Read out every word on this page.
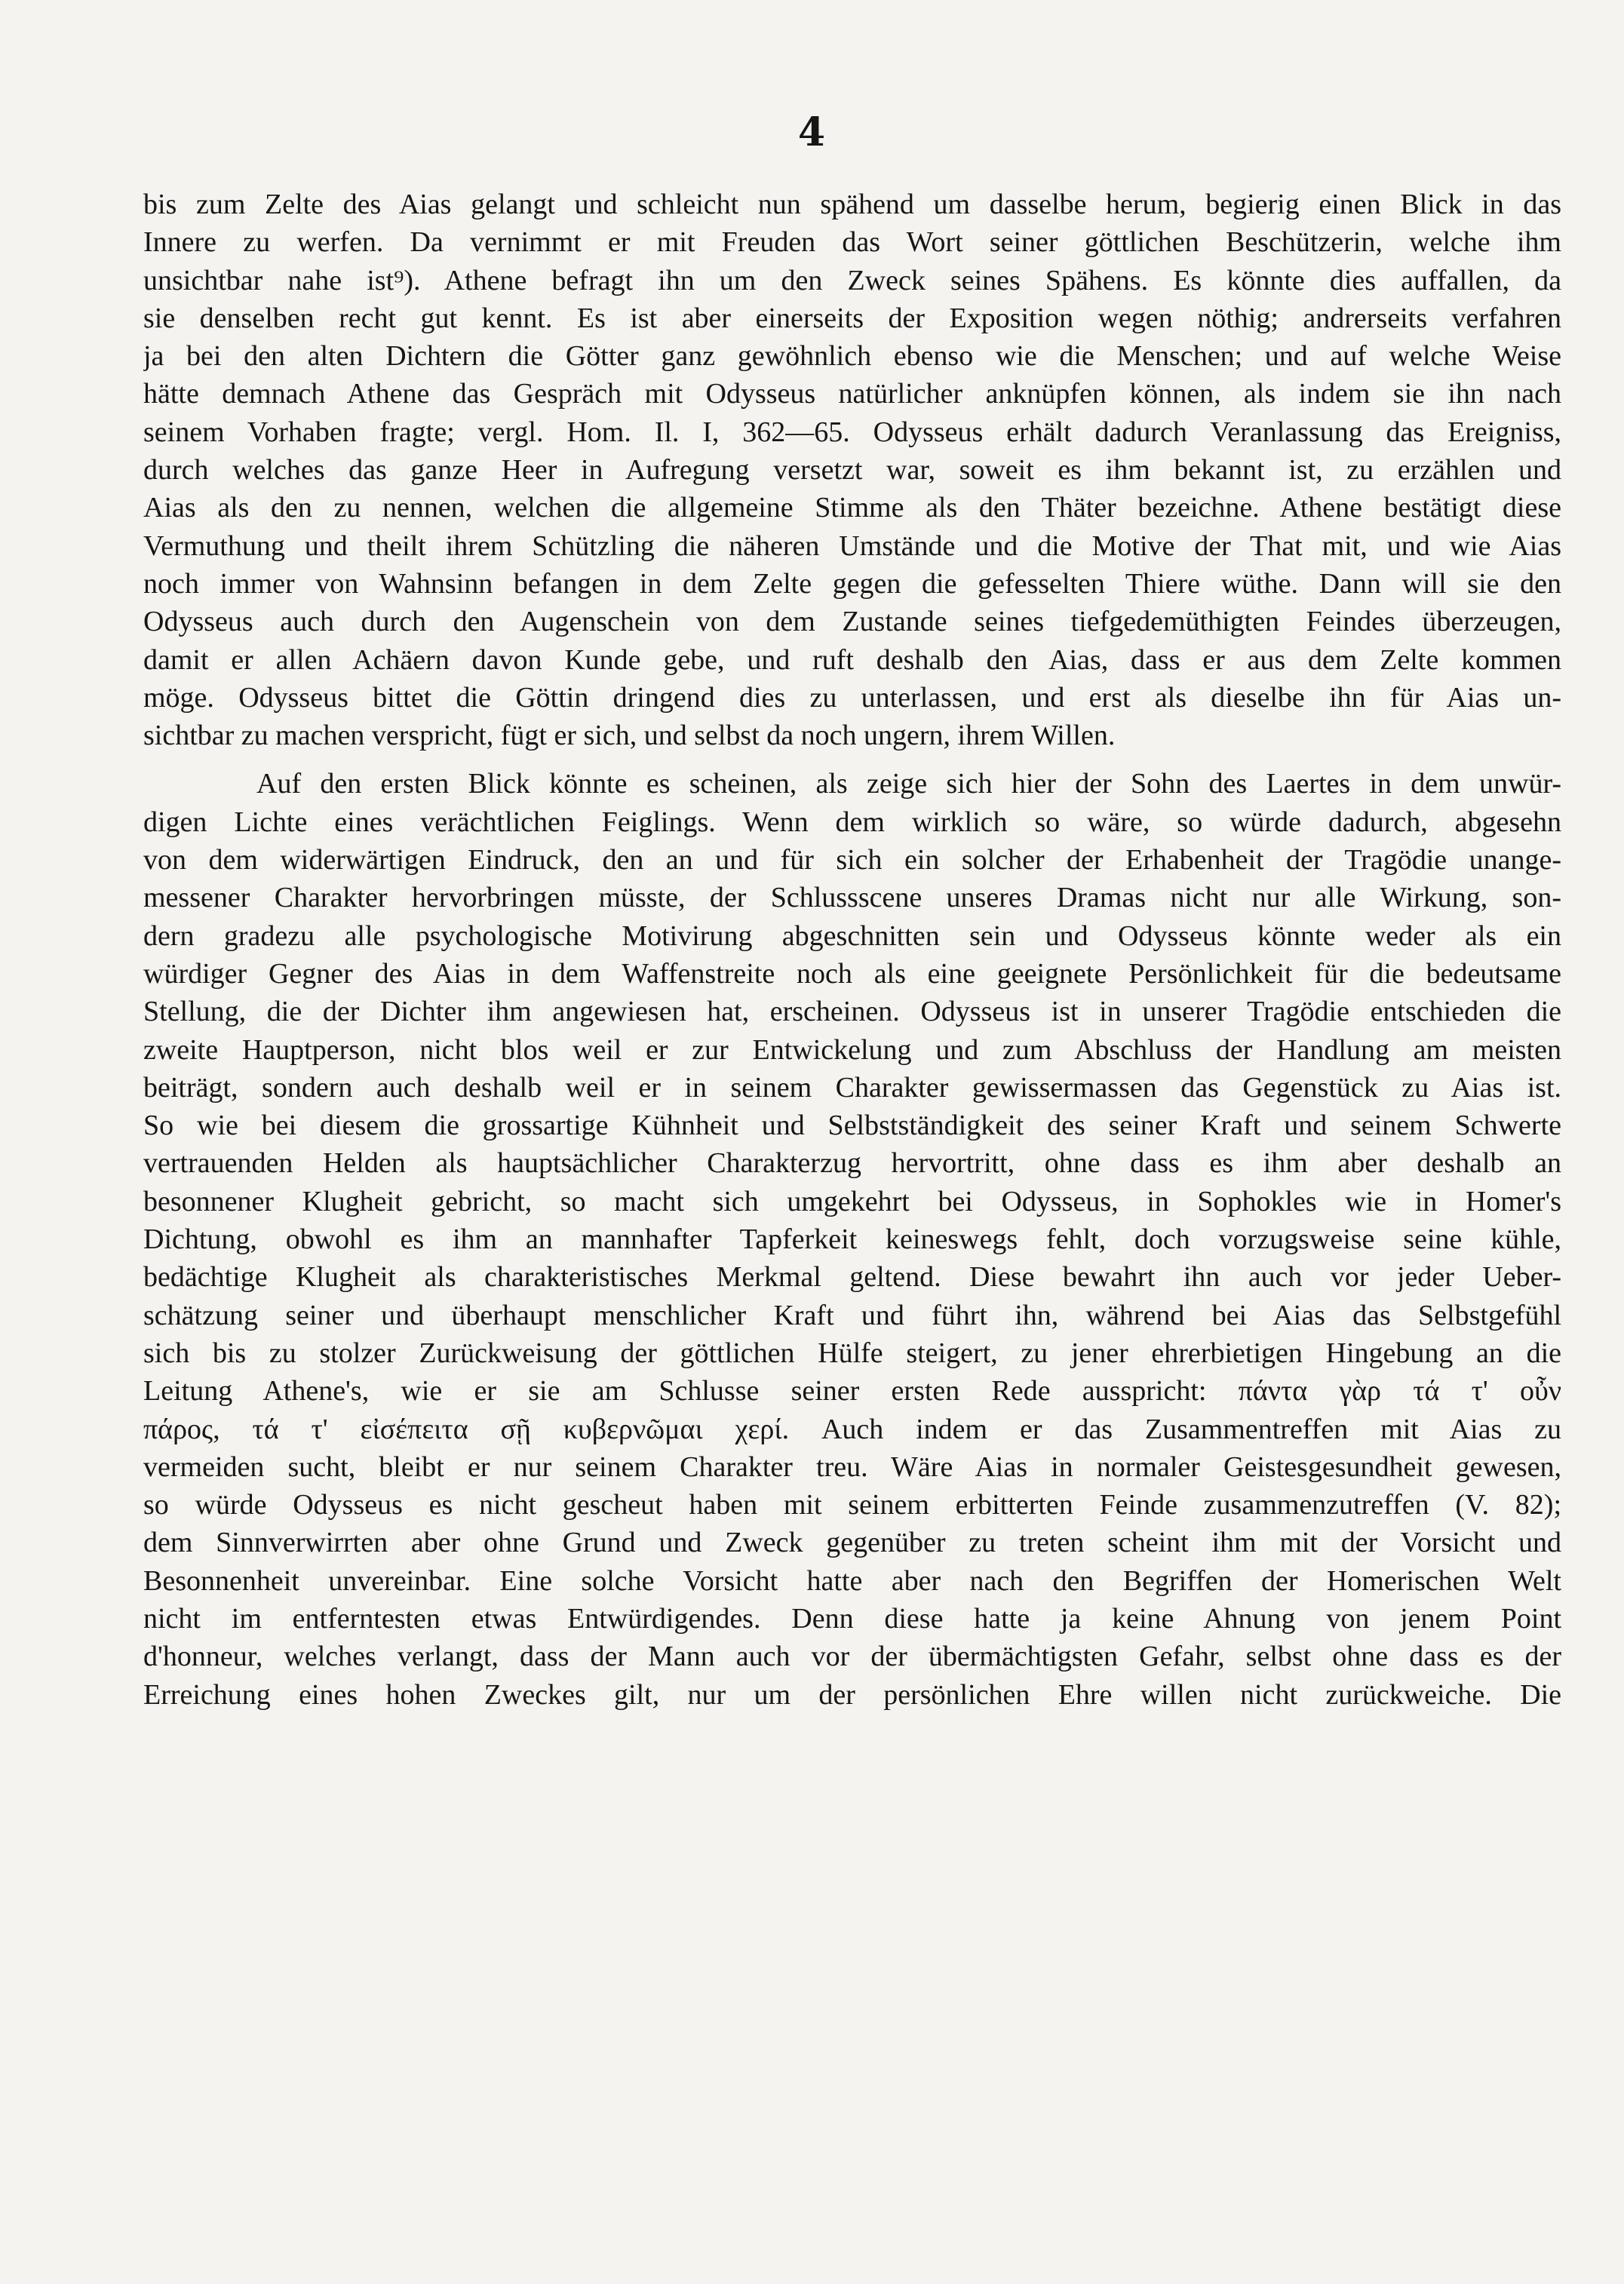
4
bis zum Zelte des Aias gelangt und schleicht nun spähend um dasselbe herum, begierig einen Blick in das
Innere zu werfen. Da vernimmt er mit Freuden das Wort seiner göttlichen Beschützerin, welche ihm
unsichtbar nahe ist⁹). Athene befragt ihn um den Zweck seines Spähens. Es könnte dies auffallen, da
sie denselben recht gut kennt. Es ist aber einerseits der Exposition wegen nöthig; andrerseits verfahren
ja bei den alten Dichtern die Götter ganz gewöhnlich ebenso wie die Menschen; und auf welche Weise
hätte demnach Athene das Gespräch mit Odysseus natürlicher anknüpfen können, als indem sie ihn nach
seinem Vorhaben fragte; vergl. Hom. Il. I, 362—65. Odysseus erhält dadurch Veranlassung das Ereigniss,
durch welches das ganze Heer in Aufregung versetzt war, soweit es ihm bekannt ist, zu erzählen und
Aias als den zu nennen, welchen die allgemeine Stimme als den Thäter bezeichne. Athene bestätigt diese
Vermuthung und theilt ihrem Schützling die näheren Umstände und die Motive der That mit, und wie Aias
noch immer von Wahnsinn befangen in dem Zelte gegen die gefesselten Thiere wüthe. Dann will sie den
Odysseus auch durch den Augenschein von dem Zustande seines tiefgedemüthigten Feindes überzeugen,
damit er allen Achäern davon Kunde gebe, und ruft deshalb den Aias, dass er aus dem Zelte kommen
möge. Odysseus bittet die Göttin dringend dies zu unterlassen, und erst als dieselbe ihn für Aias un-
sichtbar zu machen verspricht, fügt er sich, und selbst da noch ungern, ihrem Willen.
Auf den ersten Blick könnte es scheinen, als zeige sich hier der Sohn des Laertes in dem unwür-
digen Lichte eines verächtlichen Feiglings. Wenn dem wirklich so wäre, so würde dadurch, abgesehn
von dem widerwärtigen Eindruck, den an und für sich ein solcher der Erhabenheit der Tragödie unange-
messener Charakter hervorbringen müsste, der Schlussscene unseres Dramas nicht nur alle Wirkung, son-
dern gradezu alle psychologische Motivirung abgeschnitten sein und Odysseus könnte weder als ein
würdiger Gegner des Aias in dem Waffenstreite noch als eine geeignete Persönlichkeit für die bedeutsame
Stellung, die der Dichter ihm angewiesen hat, erscheinen. Odysseus ist in unserer Tragödie entschieden die
zweite Hauptperson, nicht blos weil er zur Entwickelung und zum Abschluss der Handlung am meisten
beiträgt, sondern auch deshalb weil er in seinem Charakter gewissermassen das Gegenstück zu Aias ist.
So wie bei diesem die grossartige Kühnheit und Selbstständigkeit des seiner Kraft und seinem Schwerte
vertrauenden Helden als hauptsächlicher Charakterzug hervortritt, ohne dass es ihm aber deshalb an
besonnener Klugheit gebricht, so macht sich umgekehrt bei Odysseus, in Sophokles wie in Homer's
Dichtung, obwohl es ihm an mannhafter Tapferkeit keineswegs fehlt, doch vorzugsweise seine kühle,
bedächtige Klugheit als charakteristisches Merkmal geltend. Diese bewahrt ihn auch vor jeder Ueber-
schätzung seiner und überhaupt menschlicher Kraft und führt ihn, während bei Aias das Selbstgefühl
sich bis zu stolzer Zurückweisung der göttlichen Hülfe steigert, zu jener ehrerbietigen Hingebung an die
Leitung Athene's, wie er sie am Schlusse seiner ersten Rede ausspricht: πάντα γὰρ τά τ' οὖν
πάρος, τά τ' εἰσέπειτα σῇ κυβερνῶμαι χερί. Auch indem er das Zusammentreffen mit Aias zu
vermeiden sucht, bleibt er nur seinem Charakter treu. Wäre Aias in normaler Geistesgesundheit gewesen,
so würde Odysseus es nicht gescheut haben mit seinem erbitterten Feinde zusammenzutreffen (V. 82);
dem Sinnverwirrten aber ohne Grund und Zweck gegenüber zu treten scheint ihm mit der Vorsicht und
Besonnenheit unvereinbar. Eine solche Vorsicht hatte aber nach den Begriffen der Homerischen Welt
nicht im entferntesten etwas Entwürdigendes. Denn diese hatte ja keine Ahnung von jenem Point
d'honneur, welches verlangt, dass der Mann auch vor der übermächtigsten Gefahr, selbst ohne dass es der
Erreichung eines hohen Zweckes gilt, nur um der persönlichen Ehre willen nicht zurückweiche. Die
